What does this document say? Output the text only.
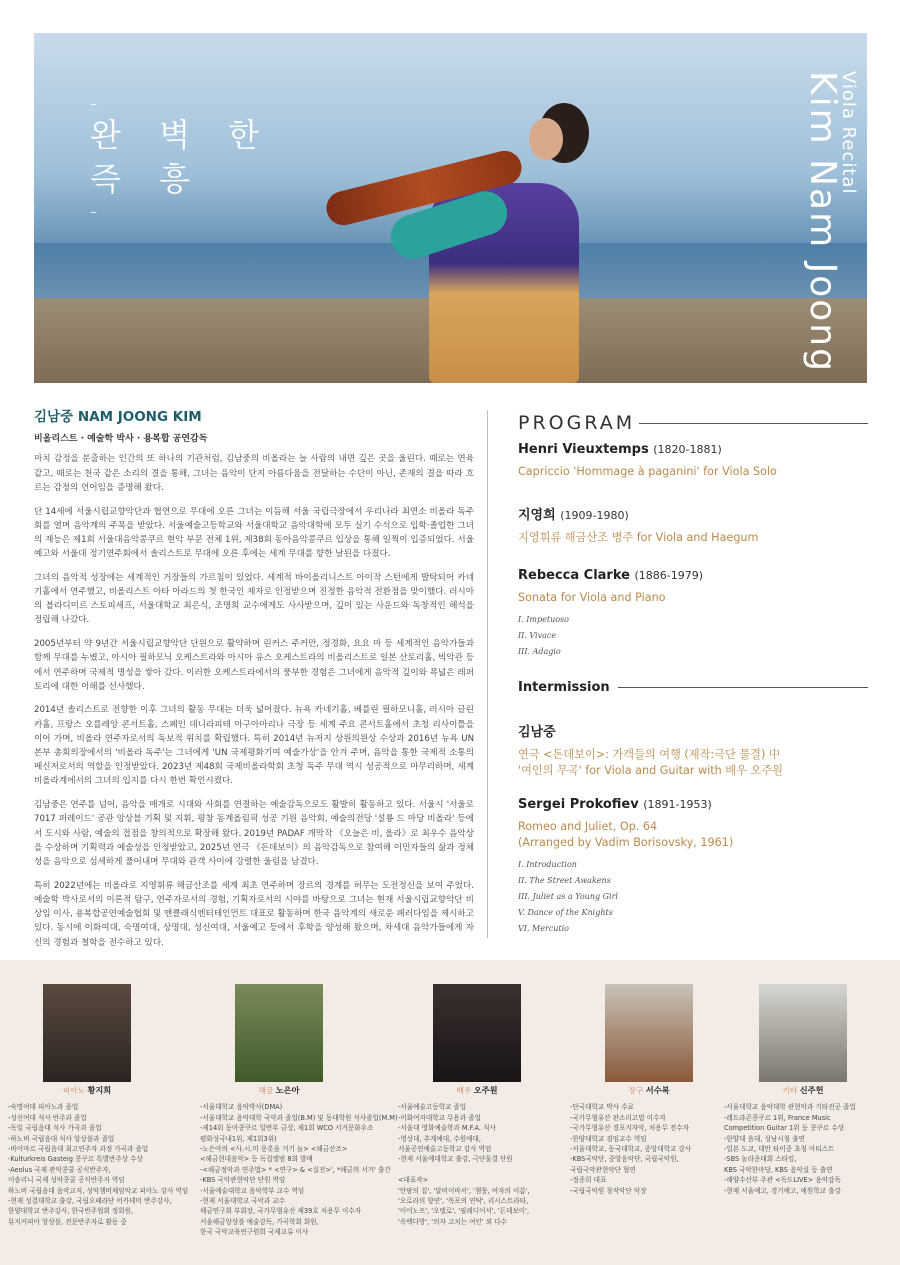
-
완 벽 한
즉 흥
-
Viola Recital
Kim Nam Joong
김남중 NAM JOONG KIM
비올리스트 · 예술학 박사 · 용복합 공연감독

마치 감정을 분출하는 인간의 또 하나의 기관처럼, 김남중의 비올라는 늘 사람의 내면 깊은 곳을 울린다. 때로는 연육 같고, 때로는 천국 같은 소리의 결을 통해, 그녀는 음악이 단지 아름다움을 전달하는 수단이 아닌, 존재의 결을 따라 흐르는 감정의 언어임을 증명해 왔다.

단 14세에 서울시립교향악단과 협연으로 무대에 오른 그녀는 이듬해 서울 국립극장에서 우리나라 최연소 비올라 독주회를 열며 음악계의 주목을 받았다. 서울예술고등학교와 서울대학교 음악대학에 모두 실기 수석으로 입학·졸업한 그녀의 재능은 제1회 서울대음악콩쿠르 현악 부문 전체 1위, 제38회 동아음악콩쿠르 입상을 통해 일찍이 입증되었다. 서울예고와 서울대 정기연주회에서 솔리스트로 무대에 오른 후에는 세계 무대를 향한 날된을 다졌다.

그녀의 음악적 성장에는 세계적인 거장들의 가르침이 있었다. 세계적 바이올리니스트 아이작 스턴에게 발탁되어 카네기홀에서 연주했고, 비올리스트 아타 아라드의 첫 한국인 제자로 인정받으며 진정한 음악적 전환점을 맞이했다. 러시아의 블라디미르 스토피세프, 서울대학교 최은식, 조명희 교수에게도 사사받으며, 깊이 있는 사운드와 독창적인 해석을 정립해 나갔다.

2005년부터 약 9년간 서울시립교향악단 단원으로 활약하며 린커스 주커만, 정경화, 요요 마 등 세계적인 음악가들과 함께 무대를 누볐고, 아시아 필하모닉 오케스트라와 아시아 유스 오케스트라의 비올리스트로 일본 산토리홀, 빅악관 등에서 연주하며 국제적 명성을 쌓아 갔다. 이러한 오케스트라에서의 풍부한 경험은 그녀에게 음악적 깊이와 폭넓은 레퍼토리에 대한 이해를 선사했다.

2014년 솔리스트로 전향한 이후 그녀의 활동 무대는 더욱 넓어졌다. 뉴욕 카네기홀, 베를린 필하모니홀, 러시아 글린카홀, 프랑스 오를레앙 콘서트홀, 스페인 데니라피테 아구아마리나 극장 등 세계 주요 콘서트홀에서 초청 리사이틀을 이어 가며, 비올라 연주자로서의 독보적 위치를 확립했다. 특히 2014년 뉴저지 상원의원상 수상과 2016년 뉴욕 UN 본부 총회의장에서의 '비올라 독주'는 그녀에게 'UN 국제평화기여 예술가상'을 안겨 주며, 음악을 통한 국제적 소통의 메신저로서의 역할을 인정받았다. 2023년 제48회 국제비올라학회 초청 독주 무대 역시 성공적으로 마무리하며, 세계 비올라계에서의 그녀의 입지를 다시 한번 확인시켰다.

김남중은 연주를 넘어, 음악을 매개로 시대와 사회를 연결하는 예술감독으로도 활발히 활동하고 있다. 서울시 '서울로 7017 퍼레이드' 공관 앙상블 기획 및 지휘, 평창 동계올림픽 성공 기원 음악회, 예술의전당 '설룡 드 마당 비올라' 등에서 도시와 사람, 예술의 접점을 창의적으로 확장해 왔다. 2019년 PADAF 개막작 《오늘은 비, 올라》로 최우수 음악상을 수상하며 기획력과 예술성을 인정받았고, 2025년 연극 《돈데보이》의 음악감독으로 참여해 이민자들의 삶과 정체성을 음악으로 섬세하게 풀어내며 무대와 관객 사이에 강렬한 울림을 남겼다.

특히 2022년에는 비올라로 지영휘류 해금산조를 세계 최초 연주하며 장르의 경계를 허무는 도전정신을 보여 주었다. 예술학 박사로서의 이론적 탐구, 연주자로서의 경험, 기획자로서의 시야를 바탕으로 그녀는 현재 서울시립교향악단 비상임 이사, 용복합공연예술협회 및 앤클래식엔터테인먼트 대표로 활동하며 한국 음악계의 새로운 패러다임을 제시하고 있다. 동시에 이화여대, 숙명여대, 상명대, 성신여대, 서울예고 등에서 후학을 양성해 왔으며, 차세대 음악가들에게 자신의 경험과 철학을 전수하고 있다.

PROGRAM

Henri Vieuxtemps (1820-1881)

Capriccio 'Hommage à paganini' for Viola Solo

지영희 (1909-1980)

지영휘류 해금산조 병주 for Viola and Haegum

Rebecca Clarke (1886-1979)

Sonata for Viola and Piano

I. Impetuoso
II. Vivace
III. Adagio
Intermission

김남중

연극 <돈데보이>: 가객들의 여행 (제작:극단 물결) 中
'여인의 무곡' for Viola and Guitar with 배우 오주원

Sergei Prokofiev (1891-1953)

Romeo and Juliet, Op. 64
(Arranged by Vadim Borisovsky, 1961)

I. Introduction
II. The Street Awakens
III. Juliet as a Young Girl
V. Dance of the Knights
VI. Mercutio
피아노 황지희
-숙명여대 피아노과 졸업
-성신여대 석사 반주과 졸업
-독일 국립음대 석사 가곡과 졸업
-하노버 국립음대 석사 앙상블과 졸업
-바이마르 국립음대 최고연주자 과정 가곡과 졸업
-Kulturkreis Gasteig 콩쿠르 특별반주상 수상
-Aeolus 국제 관악콩쿨 공식반주자,
이솔리니 국제 성악콩쿨 공식반주자 역임
하노버 국립음대 음악교직, 성악챔버체임악교 피아노 강사 역임
-현재 성결대학교 출강, 국립오페라단 어카데미 반주강사,
한양대학교 반주강사, 한국반주협회 정회원,
뮤지커피아 앙상블, 전문반주자로 활동 중
해금 노은아
-서울대학교 음악박사(DMA)
-서울대학교 음악대학 국악과 졸업(B.M) 및 동대학원 석사졸업(M.M)
-제14회 동아콩쿠르 일반부 금상, 제1회 WCO 서거문화우조
평화성국내1위, 제1회3위)
-노은아의 <사.시.미 몽롯을 겨기 놀> <해금산조>
<해금현대음악> 등 독집앨범 8회 발매
-<해금정악과 연주법> * <연구> & <실전>', *해금의 서거' 출간
-KBS 국악관현악단 단원 역임
-서울예술대학교 음악학부 교수 역임
-현재 서울대학교 국악과 교수
해금연구회 부회장, 국가무형유산 제39호 처용무 이수자
서울해금앙상블 예술감독, 가곡학회 회원,
한국 국악교육연구원회 국제교류 이사
배우 오주원
-서울예술고등학교 졸업
-이화여자대학교 무용과 졸업
-서울대 영화예술학과 M.F.A. 석사
-영상대, 추계예대, 수원예대,
서울공연예술고등학교 강사 역임
-현재 서울예대학교 출강, 극단물결 단원

<대표작>
'안팡의 집', '달비이바서', '챔퉁, 여자의 이름',
'오로라의 향연', '목포의 연탁', 리시스트라타,
'이어노프', '오델로', '필레디어서', '돈데보이',
'옥백다방', '의자 고치는 여인' 외 다수
장구 서수복
-단국대학교 박사 수료
-국가무형유산 판소리고법 이수자
-국가무형유산 경포지자악, 처용무 전수자
-한양대학교 겸임교수 역임
-서울대학교, 동국대학교, 중앙대학교 강사
-KBS국악단, 중앙음악단, 국립국악원,
국립국악관현악단 협연
-정종희 대표
-국립국악원 창작악단 악장
기타 신주헌
-서울대학교 음악대학 관현악과 기타전공 졸업
-레드라콘콩쿠르 1위, France Music
Competition Guitar 1위 등 콩쿠르 수상
-한양대 음대, 성남시청 출연
-일본 도쿄, 대만 타이중 초청 아티스트
-SBS 놀라운대회 스타킹,
KBS 국악한마당, KBS 음악실 등 출연
-해양수산부 주관 <독도LIVE> 음악감독
-현재 서울예고, 경기예고, 예원학교 출강
